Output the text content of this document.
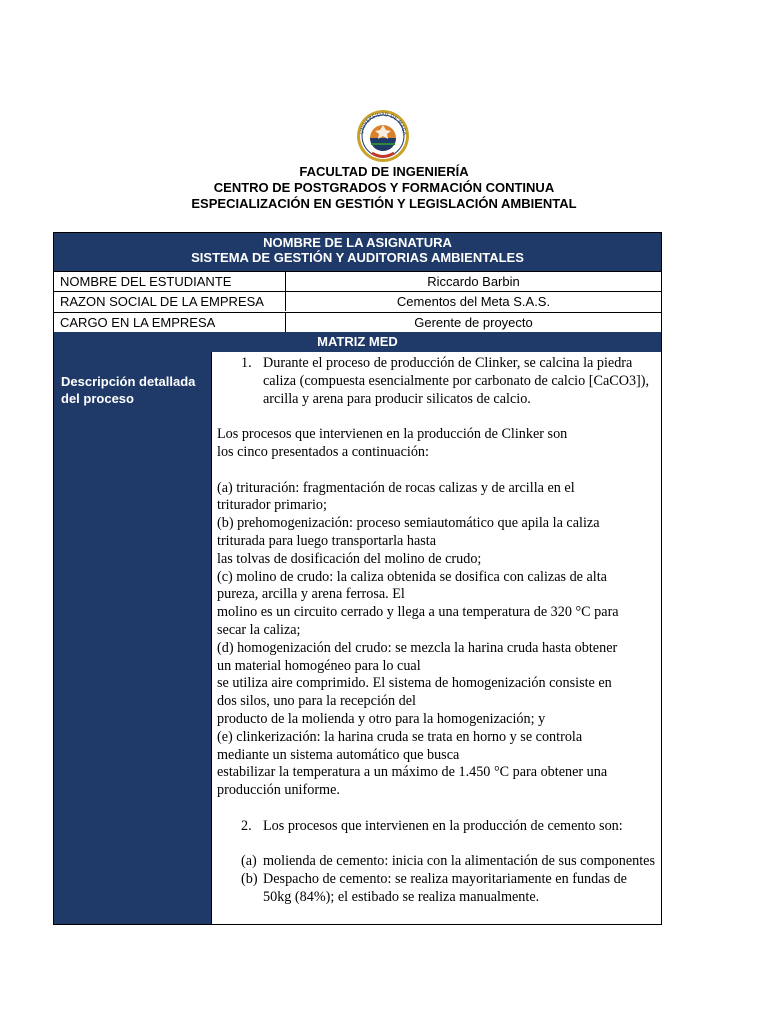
UNIVERSIDAD DE MAGA
FACULTAD DE INGENIERÍA
CENTRO DE POSTGRADOS Y FORMACIÓN CONTINUA
ESPECIALIZACIÓN EN GESTIÓN Y LEGISLACIÓN AMBIENTAL
NOMBRE DE LA ASIGNATURA
SISTEMA DE GESTIÓN Y AUDITORIAS AMBIENTALES
NOMBRE DEL ESTUDIANTE	Riccardo Barbin
RAZON SOCIAL DE LA EMPRESA	Cementos del Meta S.A.S.
CARGO EN LA EMPRESA	Gerente de proyecto
MATRIZ MED
Descripción detallada
del proceso
1. Durante el proceso de producción de Clinker, se calcina la piedra caliza (compuesta esencialmente por carbonato de calcio [CaCO3]), arcilla y arena para producir silicatos de calcio.

Los procesos que intervienen en la producción de Clinker son

los cinco presentados a continuación:

(a) trituración: fragmentación de rocas calizas y de arcilla en el

triturador primario;

(b) prehomogenización: proceso semiautomático que apila la caliza

triturada para luego transportarla hasta

las tolvas de dosificación del molino de crudo;

(c) molino de crudo: la caliza obtenida se dosifica con calizas de alta

pureza, arcilla y arena ferrosa. El

molino es un circuito cerrado y llega a una temperatura de 320 °C para

secar la caliza;

(d) homogenización del crudo: se mezcla la harina cruda hasta obtener

un material homogéneo para lo cual

se utiliza aire comprimido. El sistema de homogenización consiste en

dos silos, uno para la recepción del

producto de la molienda y otro para la homogenización; y

(e) clinkerización: la harina cruda se trata en horno y se controla

mediante un sistema automático que busca

estabilizar la temperatura a un máximo de 1.450 °C para obtener una

producción uniforme.

2. Los procesos que intervienen en la producción de cemento son:

(a) molienda de cemento: inicia con la alimentación de sus componentes

(b) Despacho de cemento: se realiza mayoritariamente en fundas de 50kg (84%); el estibado se realiza manualmente.
